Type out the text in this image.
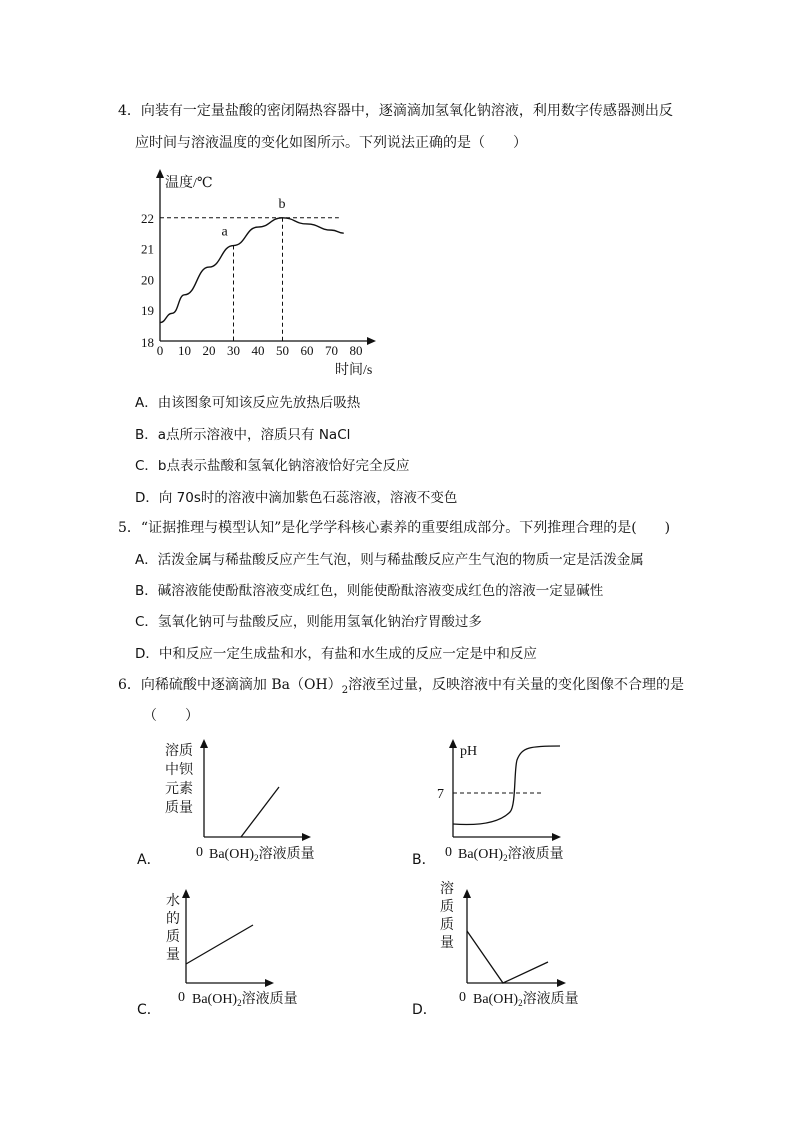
4．向装有一定量盐酸的密闭隔热容器中，逐滴滴加氢氧化钠溶液，利用数字传感器测出反
应时间与溶液温度的变化如图所示。下列说法正确的是（　　）
温度/℃
时间/s
0 10 20 30 40 50 60 70 80
18
19
20
21
22
a
b
A．由该图象可知该反应先放热后吸热
B．a点所示溶液中，溶质只有 NaCl
C．b点表示盐酸和氢氧化钠溶液恰好完全反应
D．向 70s时的溶液中滴加紫色石蕊溶液，溶液不变色
5．“证据推理与模型认知”是化学学科核心素养的重要组成部分。下列推理合理的是(　　)
A．活泼金属与稀盐酸反应产生气泡，则与稀盐酸反应产生气泡的物质一定是活泼金属
B．碱溶液能使酚酞溶液变成红色，则能使酚酞溶液变成红色的溶液一定显碱性
C．氢氧化钠可与盐酸反应，则能用氢氧化钠治疗胃酸过多
D．中和反应一定生成盐和水，有盐和水生成的反应一定是中和反应
6．向稀硫酸中逐滴滴加 $Ba(OH)_2$溶液至过量，反映溶液中有关量的变化图像不合理的是
（　　）
溶质
中钡
元素
质量
0 $Ba(OH)_2$溶液质量
A．
pH
7
0 $Ba(OH)_2$溶液质量
B．
水
的
质
量
0 $Ba(OH)_2$溶液质量
C．
溶
质
质
量
0 $Ba(OH)_2$溶液质量
D．
